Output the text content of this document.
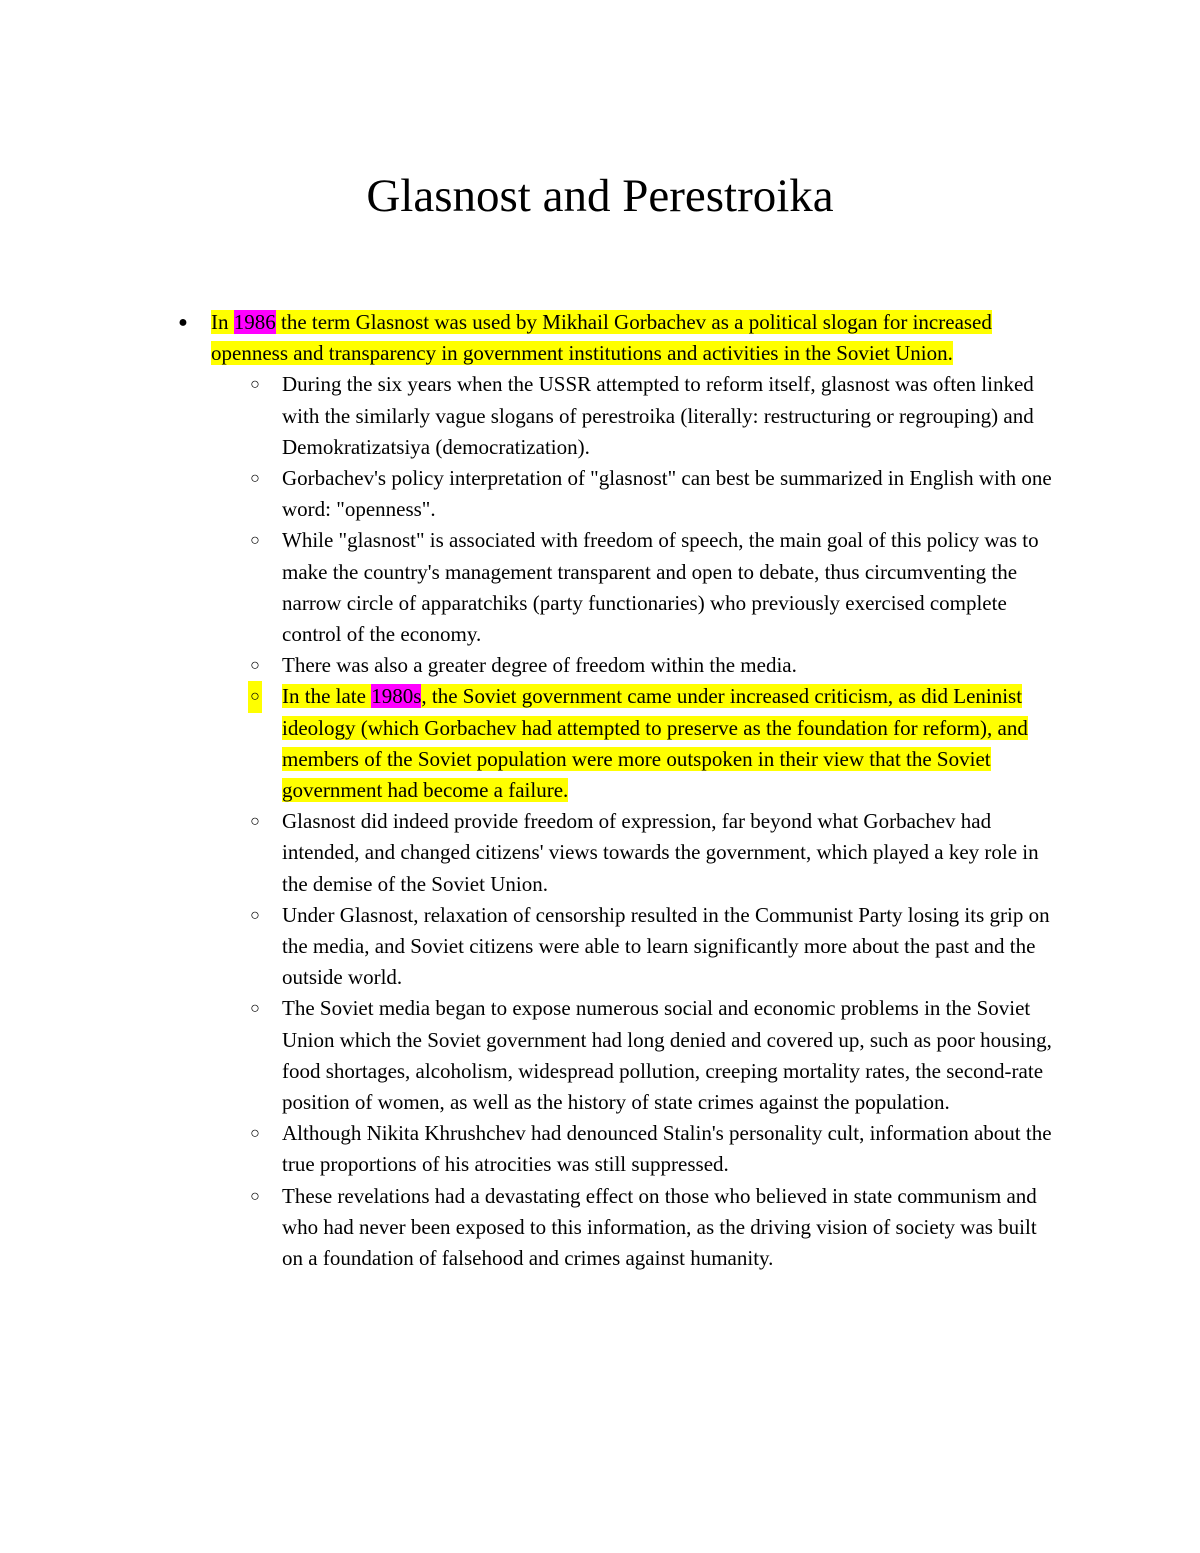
Glasnost and Perestroika
● In 1986 the term Glasnost was used by Mikhail Gorbachev as a political slogan for increased openness and transparency in government institutions and activities in the Soviet Union.
○ During the six years when the USSR attempted to reform itself, glasnost was often linked with the similarly vague slogans of perestroika (literally: restructuring or regrouping) and Demokratizatsiya (democratization).
○ Gorbachev's policy interpretation of "glasnost" can best be summarized in English with one word: "openness".
○ While "glasnost" is associated with freedom of speech, the main goal of this policy was to make the country's management transparent and open to debate, thus circumventing the narrow circle of apparatchiks (party functionaries) who previously exercised complete control of the economy.
○ There was also a greater degree of freedom within the media.
○ In the late 1980s, the Soviet government came under increased criticism, as did Leninist ideology (which Gorbachev had attempted to preserve as the foundation for reform), and members of the Soviet population were more outspoken in their view that the Soviet government had become a failure.
○ Glasnost did indeed provide freedom of expression, far beyond what Gorbachev had intended, and changed citizens' views towards the government, which played a key role in the demise of the Soviet Union.
○ Under Glasnost, relaxation of censorship resulted in the Communist Party losing its grip on the media, and Soviet citizens were able to learn significantly more about the past and the outside world.
○ The Soviet media began to expose numerous social and economic problems in the Soviet Union which the Soviet government had long denied and covered up, such as poor housing, food shortages, alcoholism, widespread pollution, creeping mortality rates, the second-rate position of women, as well as the history of state crimes against the population.
○ Although Nikita Khrushchev had denounced Stalin's personality cult, information about the true proportions of his atrocities was still suppressed.
○ These revelations had a devastating effect on those who believed in state communism and who had never been exposed to this information, as the driving vision of society was built on a foundation of falsehood and crimes against humanity.
